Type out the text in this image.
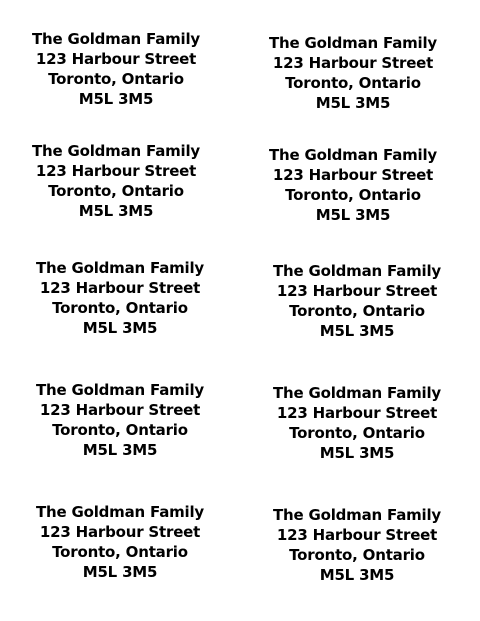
The Goldman Family
123 Harbour Street
Toronto, Ontario
M5L 3M5
The Goldman Family
123 Harbour Street
Toronto, Ontario
M5L 3M5
The Goldman Family
123 Harbour Street
Toronto, Ontario
M5L 3M5
The Goldman Family
123 Harbour Street
Toronto, Ontario
M5L 3M5
The Goldman Family
123 Harbour Street
Toronto, Ontario
M5L 3M5
The Goldman Family
123 Harbour Street
Toronto, Ontario
M5L 3M5
The Goldman Family
123 Harbour Street
Toronto, Ontario
M5L 3M5
The Goldman Family
123 Harbour Street
Toronto, Ontario
M5L 3M5
The Goldman Family
123 Harbour Street
Toronto, Ontario
M5L 3M5
The Goldman Family
123 Harbour Street
Toronto, Ontario
M5L 3M5
